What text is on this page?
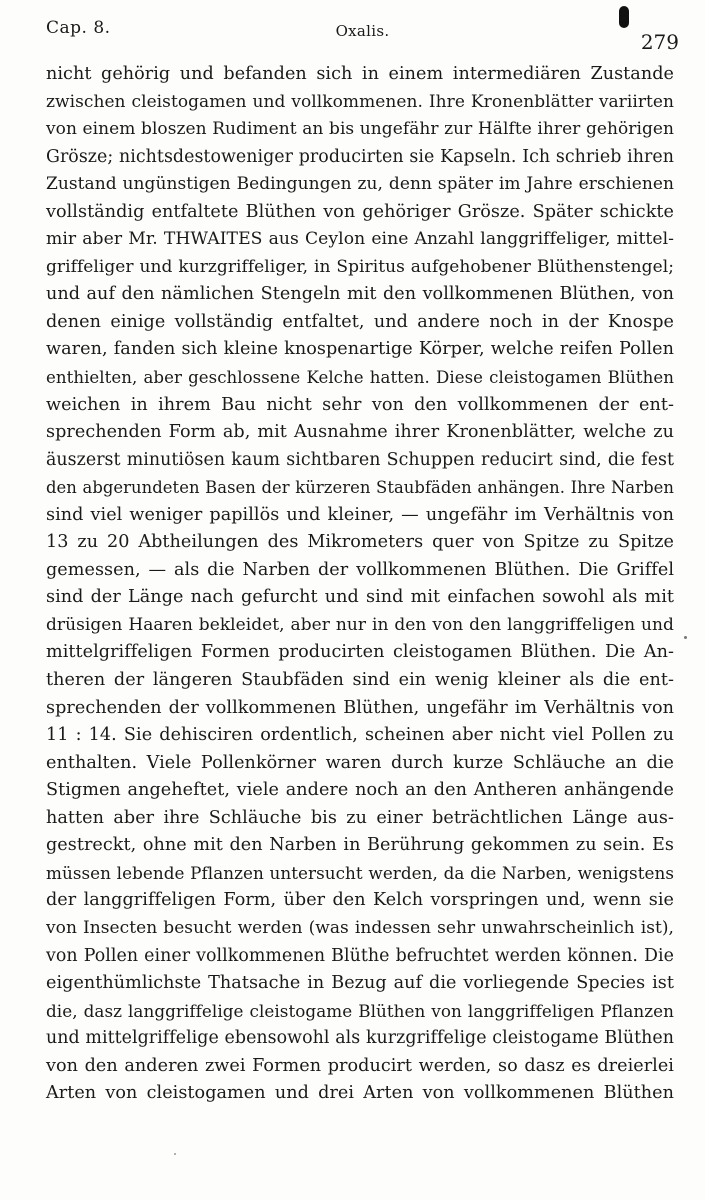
Cap. 8.	Oxalis.	279
nicht gehörig und befanden sich in einem intermediären Zustande
zwischen cleistogamen und vollkommenen. Ihre Kronenblätter variirten
von einem bloszen Rudiment an bis ungefähr zur Hälfte ihrer gehörigen
Grösze; nichtsdestoweniger producirten sie Kapseln. Ich schrieb ihren
Zustand ungünstigen Bedingungen zu, denn später im Jahre erschienen
vollständig entfaltete Blüthen von gehöriger Grösze. Später schickte
mir aber Mr. THWAITES aus Ceylon eine Anzahl langgriffeliger, mittel-
griffeliger und kurzgriffeliger, in Spiritus aufgehobener Blüthenstengel;
und auf den nämlichen Stengeln mit den vollkommenen Blüthen, von
denen einige vollständig entfaltet, und andere noch in der Knospe
waren, fanden sich kleine knospenartige Körper, welche reifen Pollen
enthielten, aber geschlossene Kelche hatten. Diese cleistogamen Blüthen
weichen in ihrem Bau nicht sehr von den vollkommenen der ent-
sprechenden Form ab, mit Ausnahme ihrer Kronenblätter, welche zu
äuszerst minutiösen kaum sichtbaren Schuppen reducirt sind, die fest
den abgerundeten Basen der kürzeren Staubfäden anhängen. Ihre Narben
sind viel weniger papillös und kleiner, — ungefähr im Verhältnis von
13 zu 20 Abtheilungen des Mikrometers quer von Spitze zu Spitze
gemessen, — als die Narben der vollkommenen Blüthen. Die Griffel
sind der Länge nach gefurcht und sind mit einfachen sowohl als mit
drüsigen Haaren bekleidet, aber nur in den von den langgriffeligen und
mittelgriffeligen Formen producirten cleistogamen Blüthen. Die An-
theren der längeren Staubfäden sind ein wenig kleiner als die ent-
sprechenden der vollkommenen Blüthen, ungefähr im Verhältnis von
11 : 14. Sie dehisciren ordentlich, scheinen aber nicht viel Pollen zu
enthalten. Viele Pollenkörner waren durch kurze Schläuche an die
Stigmen angeheftet, viele andere noch an den Antheren anhängende
hatten aber ihre Schläuche bis zu einer beträchtlichen Länge aus-
gestreckt, ohne mit den Narben in Berührung gekommen zu sein. Es
müssen lebende Pflanzen untersucht werden, da die Narben, wenigstens
der langgriffeligen Form, über den Kelch vorspringen und, wenn sie
von Insecten besucht werden (was indessen sehr unwahrscheinlich ist),
von Pollen einer vollkommenen Blüthe befruchtet werden können. Die
eigenthümlichste Thatsache in Bezug auf die vorliegende Species ist
die, dasz langgriffelige cleistogame Blüthen von langgriffeligen Pflanzen
und mittelgriffelige ebensowohl als kurzgriffelige cleistogame Blüthen
von den anderen zwei Formen producirt werden, so dasz es dreierlei
Arten von cleistogamen und drei Arten von vollkommenen Blüthen
